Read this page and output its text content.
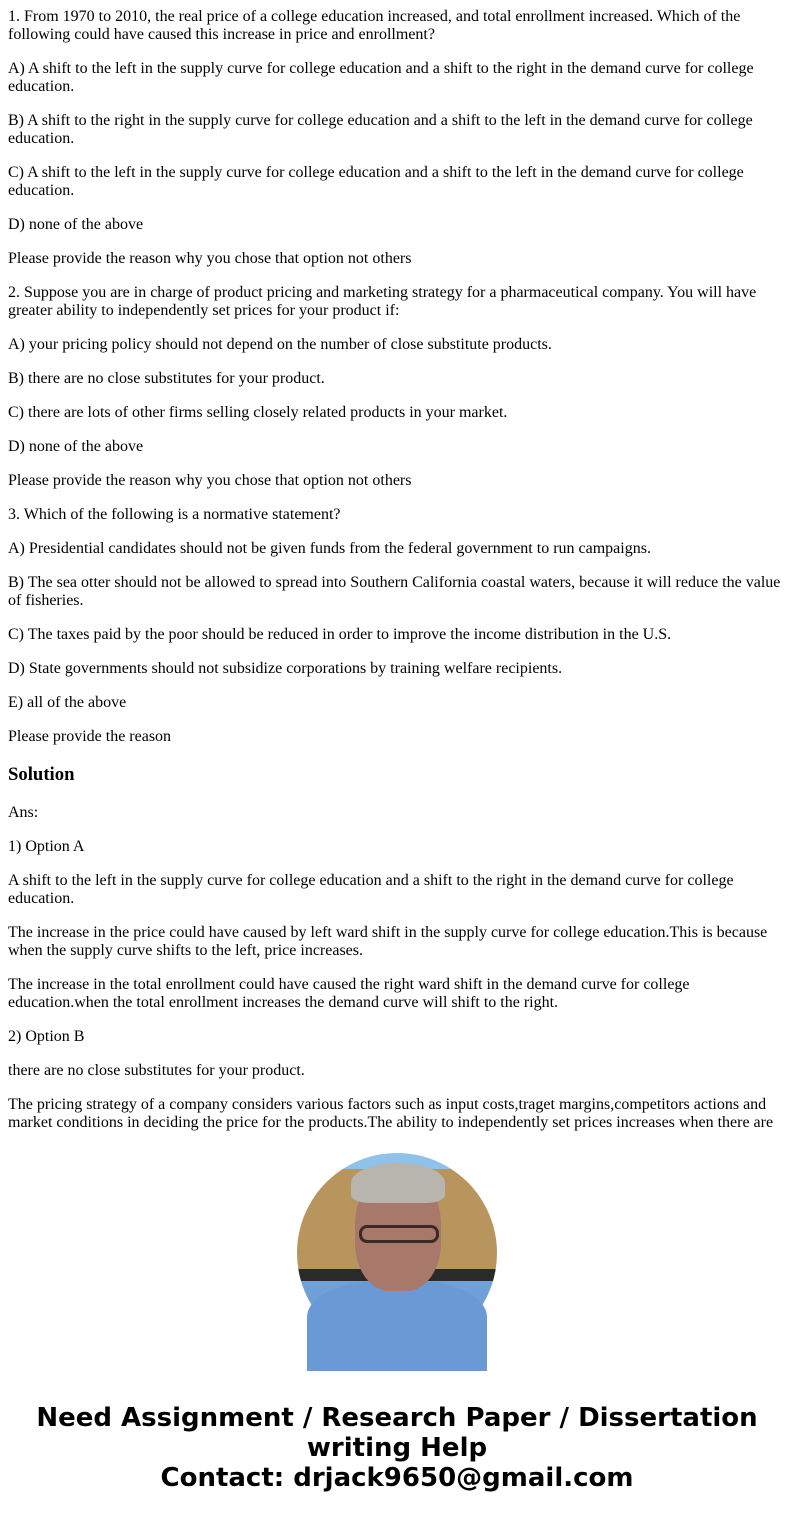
1. From 1970 to 2010, the real price of a college education increased, and total enrollment increased. Which of the following could have caused this increase in price and enrollment?

A) A shift to the left in the supply curve for college education and a shift to the right in the demand curve for college education.

B) A shift to the right in the supply curve for college education and a shift to the left in the demand curve for college education.

C) A shift to the left in the supply curve for college education and a shift to the left in the demand curve for college education.

D) none of the above

Please provide the reason why you chose that option not others

2. Suppose you are in charge of product pricing and marketing strategy for a pharmaceutical company. You will have greater ability to independently set prices for your product if:

A) your pricing policy should not depend on the number of close substitute products.

B) there are no close substitutes for your product.

C) there are lots of other firms selling closely related products in your market.

D) none of the above

Please provide the reason why you chose that option not others

3. Which of the following is a normative statement?

A) Presidential candidates should not be given funds from the federal government to run campaigns.

B) The sea otter should not be allowed to spread into Southern California coastal waters, because it will reduce the value of fisheries.

C) The taxes paid by the poor should be reduced in order to improve the income distribution in the U.S.

D) State governments should not subsidize corporations by training welfare recipients.

E) all of the above

Please provide the reason

Solution

Ans:

1) Option A

A shift to the left in the supply curve for college education and a shift to the right in the demand curve for college education.

The increase in the price could have caused by left ward shift in the supply curve for college education.This is because when the supply curve shifts to the left, price increases.

The increase in the total enrollment could have caused the right ward shift in the demand curve for college education.when the total enrollment increases the demand curve will shift to the right.

2) Option B

there are no close substitutes for your product.

The pricing strategy of a company considers various factors such as input costs,traget margins,competitors actions and market conditions in deciding the price for the products.The ability to independently set prices increases when there are

Need Assignment / Research Paper / Dissertation writing Help
Contact: drjack9650@gmail.com
